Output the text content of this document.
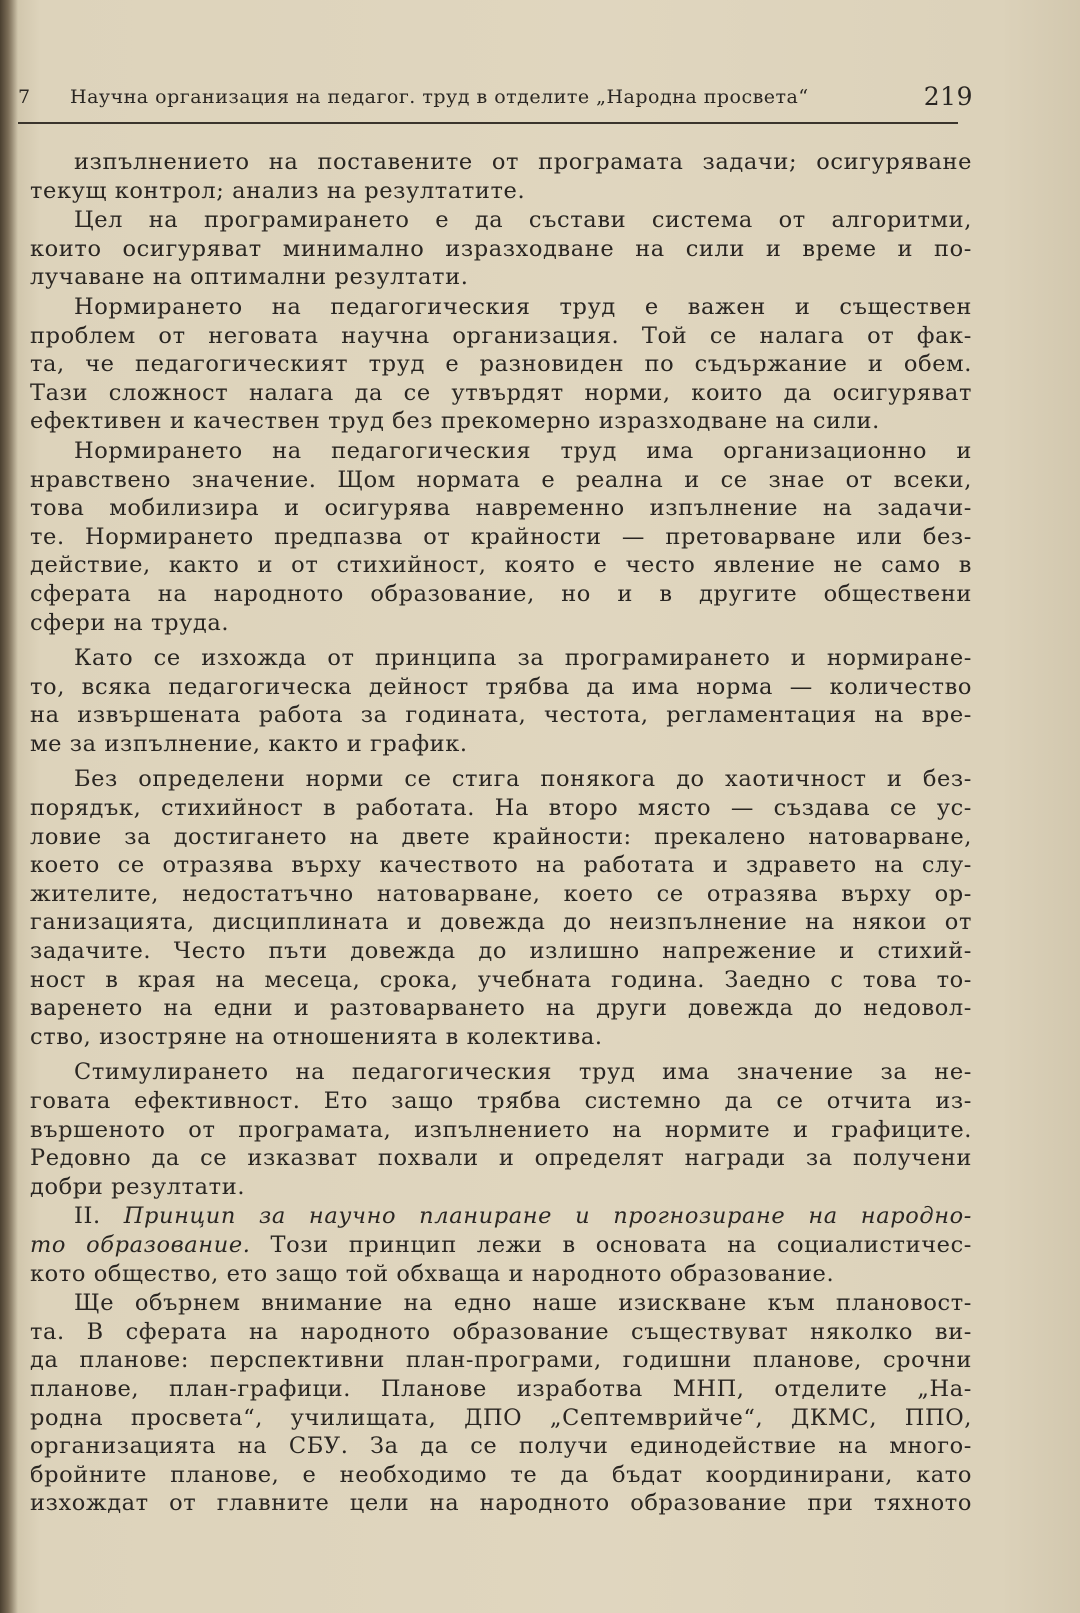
7 Научна организация на педагог. труд в отделите „Народна просвета“	219
изпълнението на поставените от програмата задачи; осигуряване
текущ контрол; анализ на резултатите.
Цел на програмирането е да състави система от алгоритми,
които осигуряват минимално изразходване на сили и време и по-
лучаване на оптимални резултати.
Нормирането на педагогическия труд е важен и съществен
проблем от неговата научна организация. Той се налага от фак-
та, че педагогическият труд е разновиден по съдържание и обем.
Тази сложност налага да се утвърдят норми, които да осигуряват
ефективен и качествен труд без прекомерно изразходване на сили.
Нормирането на педагогическия труд има организационно и
нравствено значение. Щом нормата е реална и се знае от всеки,
това мобилизира и осигурява навременно изпълнение на задачи-
те. Нормирането предпазва от крайности — претоварване или без-
действие, както и от стихийност, която е често явление не само в
сферата на народното образование, но и в другите обществени
сфери на труда.
Като се изхожда от принципа за програмирането и нормиране-
то, всяка педагогическа дейност трябва да има норма — количество
на извършената работа за годината, честота, регламентация на вре-
ме за изпълнение, както и график.
Без определени норми се стига понякога до хаотичност и без-
порядък, стихийност в работата. На второ място — създава се ус-
ловие за достигането на двете крайности: прекалено натоварване,
което се отразява върху качеството на работата и здравето на слу-
жителите, недостатъчно натоварване, което се отразява върху ор-
ганизацията, дисциплината и довежда до неизпълнение на някои от
задачите. Често пъти довежда до излишно напрежение и стихий-
ност в края на месеца, срока, учебната година. Заедно с това то-
варенето на едни и разтоварването на други довежда до недовол-
ство, изостряне на отношенията в колектива.
Стимулирането на педагогическия труд има значение за не-
говата ефективност. Ето защо трябва системно да се отчита из-
вършеното от програмата, изпълнението на нормите и графиците.
Редовно да се изказват похвали и определят награди за получени
добри резултати.
II. Принцип за научно планиране и прогнозиране на народно-
то образование. Този принцип лежи в основата на социалистичес-
кото общество, ето защо той обхваща и народното образование.
Ще обърнем внимание на едно наше изискване към плановост-
та. В сферата на народното образование съществуват няколко ви-
да планове: перспективни план-програми, годишни планове, срочни
планове, план-графици. Планове изработва МНП, отделите „На-
родна просвета“, училищата, ДПО „Септемврийче“, ДКМС, ППО,
организацията на СБУ. За да се получи единодействие на много-
бройните планове, е необходимо те да бъдат координирани, като
изхождат от главните цели на народното образование при тяхното
